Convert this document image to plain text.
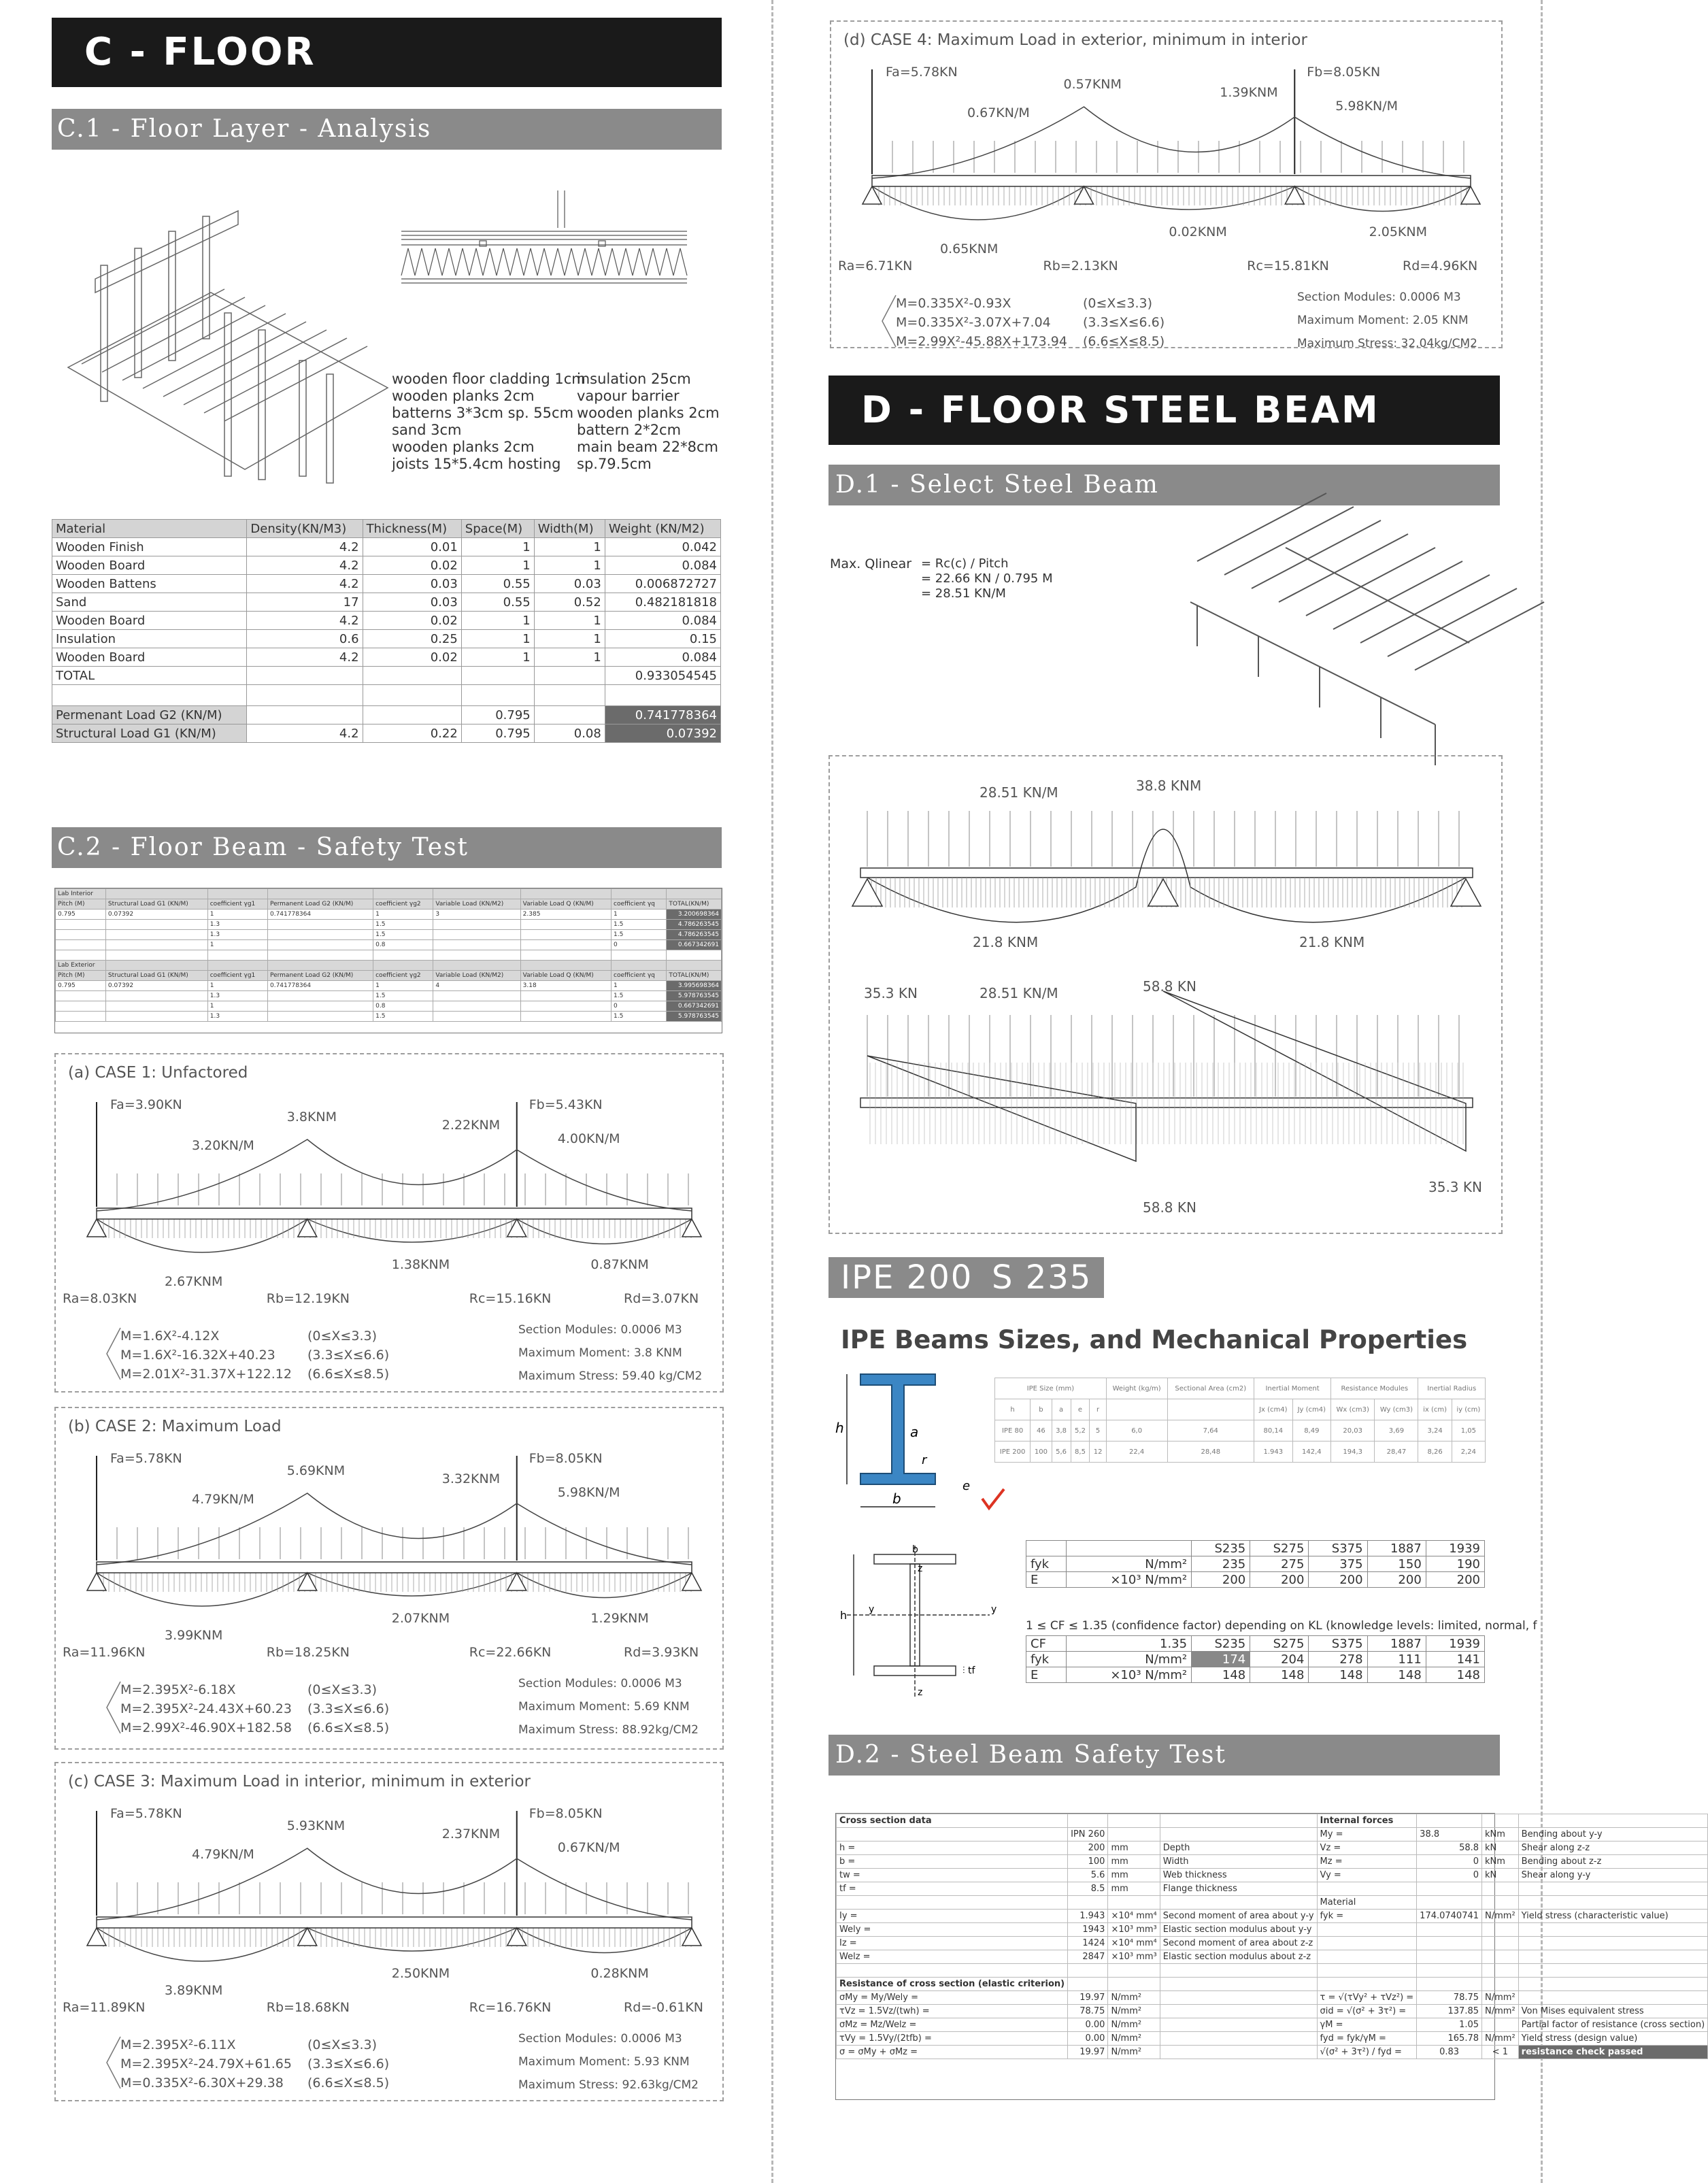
C - FLOOR
C.1 - Floor Layer - Analysis
wooden floor cladding 1cm
wooden planks 2cm
batterns 3*3cm sp. 55cm
sand 3cm
wooden planks 2cm
joists 15*5.4cm hosting
insulation 25cm
vapour barrier
wooden planks 2cm
battern 2*2cm
main beam 22*8cm
sp.79.5cm
Material	Density(KN/M3)	Thickness(M)	Space(M)	Width(M)	Weight (KN/M2)
Wooden Finish	4.2	0.01	1	1	0.042
Wooden Board	4.2	0.02	1	1	0.084
Wooden Battens	4.2	0.03	0.55	0.03	0.006872727
Sand	17	0.03	0.55	0.52	0.482181818
Wooden Board	4.2	0.02	1	1	0.084
Insulation	0.6	0.25	1	1	0.15
Wooden Board	4.2	0.02	1	1	0.084
TOTAL					0.933054545

Permenant Load G2 (KN/M)			0.795		0.741778364
Structural Load G1 (KN/M)	4.2	0.22	0.795	0.08	0.07392
C.2 - Floor Beam - Safety Test
Lab Interior								
Pitch (M)	Structural Load G1 (KN/M)	coefficient γg1	Permanent Load G2 (KN/M)	coefficient γg2	Variable Load (KN/M2)	Variable Load Q (KN/M)	coefficient γq	TOTAL(KN/M)
0.795	0.07392	1	0.741778364	1	3	2.385	1	3.200698364
		1.3		1.5			1.5	4.786263545
		1.3		1.5			1.5	4.786263545
		1		0.8			0	0.667342691

Lab Exterior								
Pitch (M)	Structural Load G1 (KN/M)	coefficient γg1	Permanent Load G2 (KN/M)	coefficient γg2	Variable Load (KN/M2)	Variable Load Q (KN/M)	coefficient γq	TOTAL(KN/M)
0.795	0.07392	1	0.741778364	1	4	3.18	1	3.995698364
		1.3		1.5			1.5	5.978763545
		1		0.8			0	0.667342691
		1.3		1.5			1.5	5.978763545
(a) CASE 1: Unfactored
Fa=3.90KN	Fb=5.43KN
3.20KN/M	4.00KN/M
3.8KNM
2.22KNM
2.67KNM
1.38KNM	0.87KNM
Ra=8.03KN	Rb=12.19KN	Rc=15.16KN	Rd=3.07KN
M=1.6X²-4.12X	(0≤X≤3.3)
M=1.6X²-16.32X+40.23 (3.3≤X≤6.6)
M=2.01X²-31.37X+122.12 (6.6≤X≤8.5)
Section Modules: 0.0006 M3
Maximum Moment: 3.8 KNM
Maximum Stress: 59.40 kg/CM2
(b) CASE 2: Maximum Load
Fa=5.78KN	Fb=8.05KN
4.79KN/M	5.98KN/M
5.69KNM
3.32KNM
3.99KNM
2.07KNM	1.29KNM
Ra=11.96KN	Rb=18.25KN	Rc=22.66KN	Rd=3.93KN
M=2.395X²-6.18X	(0≤X≤3.3)
M=2.395X²-24.43X+60.23 (3.3≤X≤6.6)
M=2.99X²-46.90X+182.58 (6.6≤X≤8.5)
Section Modules: 0.0006 M3
Maximum Moment: 5.69 KNM
Maximum Stress: 88.92kg/CM2
(c) CASE 3: Maximum Load in interior, minimum in exterior
Fa=5.78KN	Fb=8.05KN
4.79KN/M	0.67KN/M
5.93KNM
2.37KNM
3.89KNM
2.50KNM	0.28KNM
Ra=11.89KN	Rb=18.68KN	Rc=16.76KN	Rd=-0.61KN
M=2.395X²-6.11X	(0≤X≤3.3)
M=2.395X²-24.79X+61.65 (3.3≤X≤6.6)
M=0.335X²-6.30X+29.38 (6.6≤X≤8.5)
Section Modules: 0.0006 M3
Maximum Moment: 5.93 KNM
Maximum Stress: 92.63kg/CM2
(d) CASE 4: Maximum Load in exterior, minimum in interior
Fa=5.78KN	Fb=8.05KN
0.67KN/M	5.98KN/M
0.57KNM
1.39KNM
0.65KNM
0.02KNM	2.05KNM
Ra=6.71KN	Rb=2.13KN	Rc=15.81KN	Rd=4.96KN
M=0.335X²-0.93X	(0≤X≤3.3)
M=0.335X²-3.07X+7.04 (3.3≤X≤6.6)
M=2.99X²-45.88X+173.94 (6.6≤X≤8.5)
Section Modules: 0.0006 M3
Maximum Moment: 2.05 KNM
Maximum Stress: 32.04kg/CM2
D - FLOOR STEEL BEAM
D.1 - Select Steel Beam
Max. Qlinear = Rc(c) / Pitch
= 22.66 KN / 0.795 M
= 28.51 KN/M
28.51 KN/M	38.8 KNM
21.8 KNM	21.8 KNM
35.3 KN	28.51 KN/M	58.8 KN
58.8 KN
35.3 KN
IPE 200 S 235
IPE Beams Sizes, and Mechanical Properties
h	a
r
e
b
IPE Size (mm)					Weight (kg/m)	Sectional Area (cm2)	Inertial Moment		Resistance Modules		Inertial Radius	
h	b	a	e	r			Jx (cm4)	Jy (cm4)	Wx (cm3)	Wy (cm3)	ix (cm)	iy (cm)
IPE 80	46	3,8	5,2	5	6,0	7,64	80,14	8,49	20,03	3,69	3,24	1,05
IPE 200	100	5,6	8,5	12	22,4	28,48	1.943	142,4	194,3	28,47	8,26	2,24
h
b
y	y
z
z
⫶ tf
		S235	S275	S375	1887	1939
fyk	N/mm²	235	275	375	150	190
E	×10³ N/mm²	200	200	200	200	200
1 ≤ CF ≤ 1.35 (confidence factor) depending on KL (knowledge levels: limited, normal, f
CF	1.35	S235	S275	S375	1887	1939
fyk	N/mm²	174	204	278	111	141
E	×10³ N/mm²	148	148	148	148	148
D.2 - Steel Beam Safety Test
Cross section data				Internal forces			
	IPN 260			My =	38.8	kNm	Bending about y-y
h =	200	mm	Depth	Vz =	58.8	kN	Shear along z-z
b =	100	mm	Width	Mz =	0	kNm	Bending about z-z
tw =	5.6	mm	Web thickness	Vy =	0	kN	Shear along y-y
tf =	8.5	mm	Flange thickness				
				Material			
Iy =	1.943	×10⁴ mm⁴	Second moment of area about y-y	fyk =	174.0740741	N/mm²	Yield stress (characteristic value)
Wely =	1943	×10³ mm³	Elastic section modulus about y-y				
Iz =	1424	×10⁴ mm⁴	Second moment of area about z-z				
Welz =	2847	×10³ mm³	Elastic section modulus about z-z				

Resistance of cross section (elastic criterion)							
σMy = My/Wely =	19.97	N/mm²		τ = √(τVy² + τVz²) =	78.75	N/mm²	
τVz = 1.5Vz/(twh) =	78.75	N/mm²		σid = √(σ² + 3τ²) =	137.85	N/mm²	Von Mises equivalent stress
σMz = Mz/Welz =	0.00	N/mm²		γM =	1.05		Partial factor of resistance (cross section)
τVy = 1.5Vy/(2tfb) =	0.00	N/mm²		fyd = fyk/γM =	165.78	N/mm²	Yield stress (design value)
σ = σMy + σMz =	19.97	N/mm²		√(σ² + 3τ²) / fyd =	0.83	< 1	resistance check passed
